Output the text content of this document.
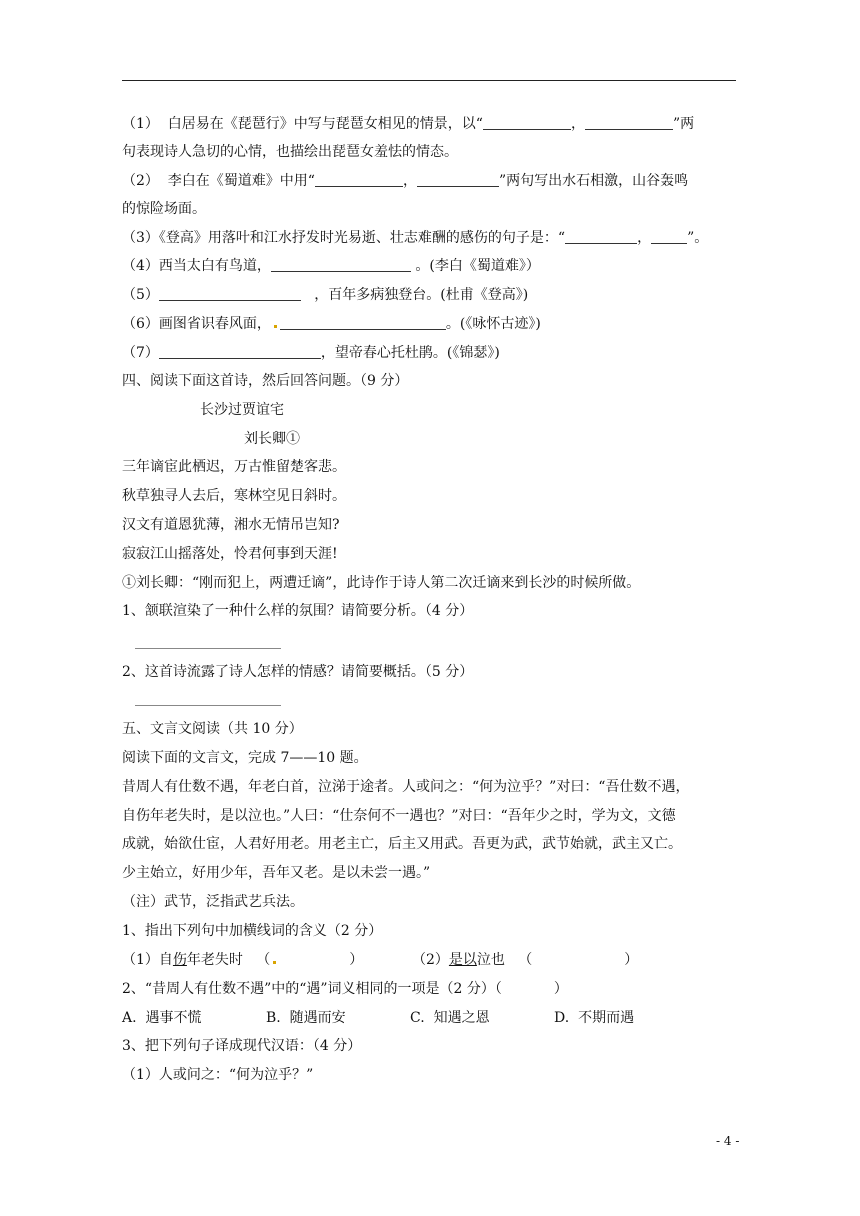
（1）  白居易在《琵琶行》中写与琵琶女相见的情景，以“	，	”两
句表现诗人急切的心情，也描绘出琵琶女羞怯的情态。
（2）  李白在《蜀道难》中用“	，	”两句写出水石相激，山谷轰鸣
的惊险场面。
（3）《登高》用落叶和江水抒发时光易逝、壮志难酬的感伤的句子是：“	，	”。
（4）西当太白有鸟道，	。(李白《蜀道难》）
（5）	，百年多病独登台。(杜甫《登高》)
（6）画图省识春风面，	。(《咏怀古迹》)
（7）	，望帝春心托杜鹃。(《锦瑟》)
四、阅读下面这首诗，然后回答问题。（9 分）
长沙过贾谊宅
刘长卿①
三年谪宦此栖迟，万古惟留楚客悲。
秋草独寻人去后，寒林空见日斜时。
汉文有道恩犹薄，湘水无情吊岂知?
寂寂江山摇落处，怜君何事到天涯!
①刘长卿：“刚而犯上，两遭迁谪”，此诗作于诗人第二次迁谪来到长沙的时候所做。
1、颔联渲染了一种什么样的氛围？请简要分析。（4 分）
2、这首诗流露了诗人怎样的情感？请简要概括。（5 分）
五、文言文阅读（共 10 分）
阅读下面的文言文，完成 7——10 题。
昔周人有仕数不遇，年老白首，泣涕于途者。人或问之：“何为泣乎？”对曰：“吾仕数不遇，
自伤年老失时，是以泣也。”人曰：“仕奈何不一遇也？”对曰：“吾年少之时，学为文，文德
成就，始欲仕宦，人君好用老。用老主亡，后主又用武。吾更为武，武节始就，武主又亡。
少主始立，好用少年，吾年又老。是以未尝一遇。”
（注）武节，泛指武艺兵法。
1、指出下列句中加横线词的含义（2 分）
（1）自伤年老失时   （	）	（2）是以泣也   （	）
2、“昔周人有仕数不遇”中的“遇”词义相同的一项是（2 分）（	）
A.  遇事不慌	B.  随遇而安	C.  知遇之恩	D.  不期而遇
3、把下列句子译成现代汉语：（4 分）
（1）人或问之：“何为泣乎？”
- 4 -
